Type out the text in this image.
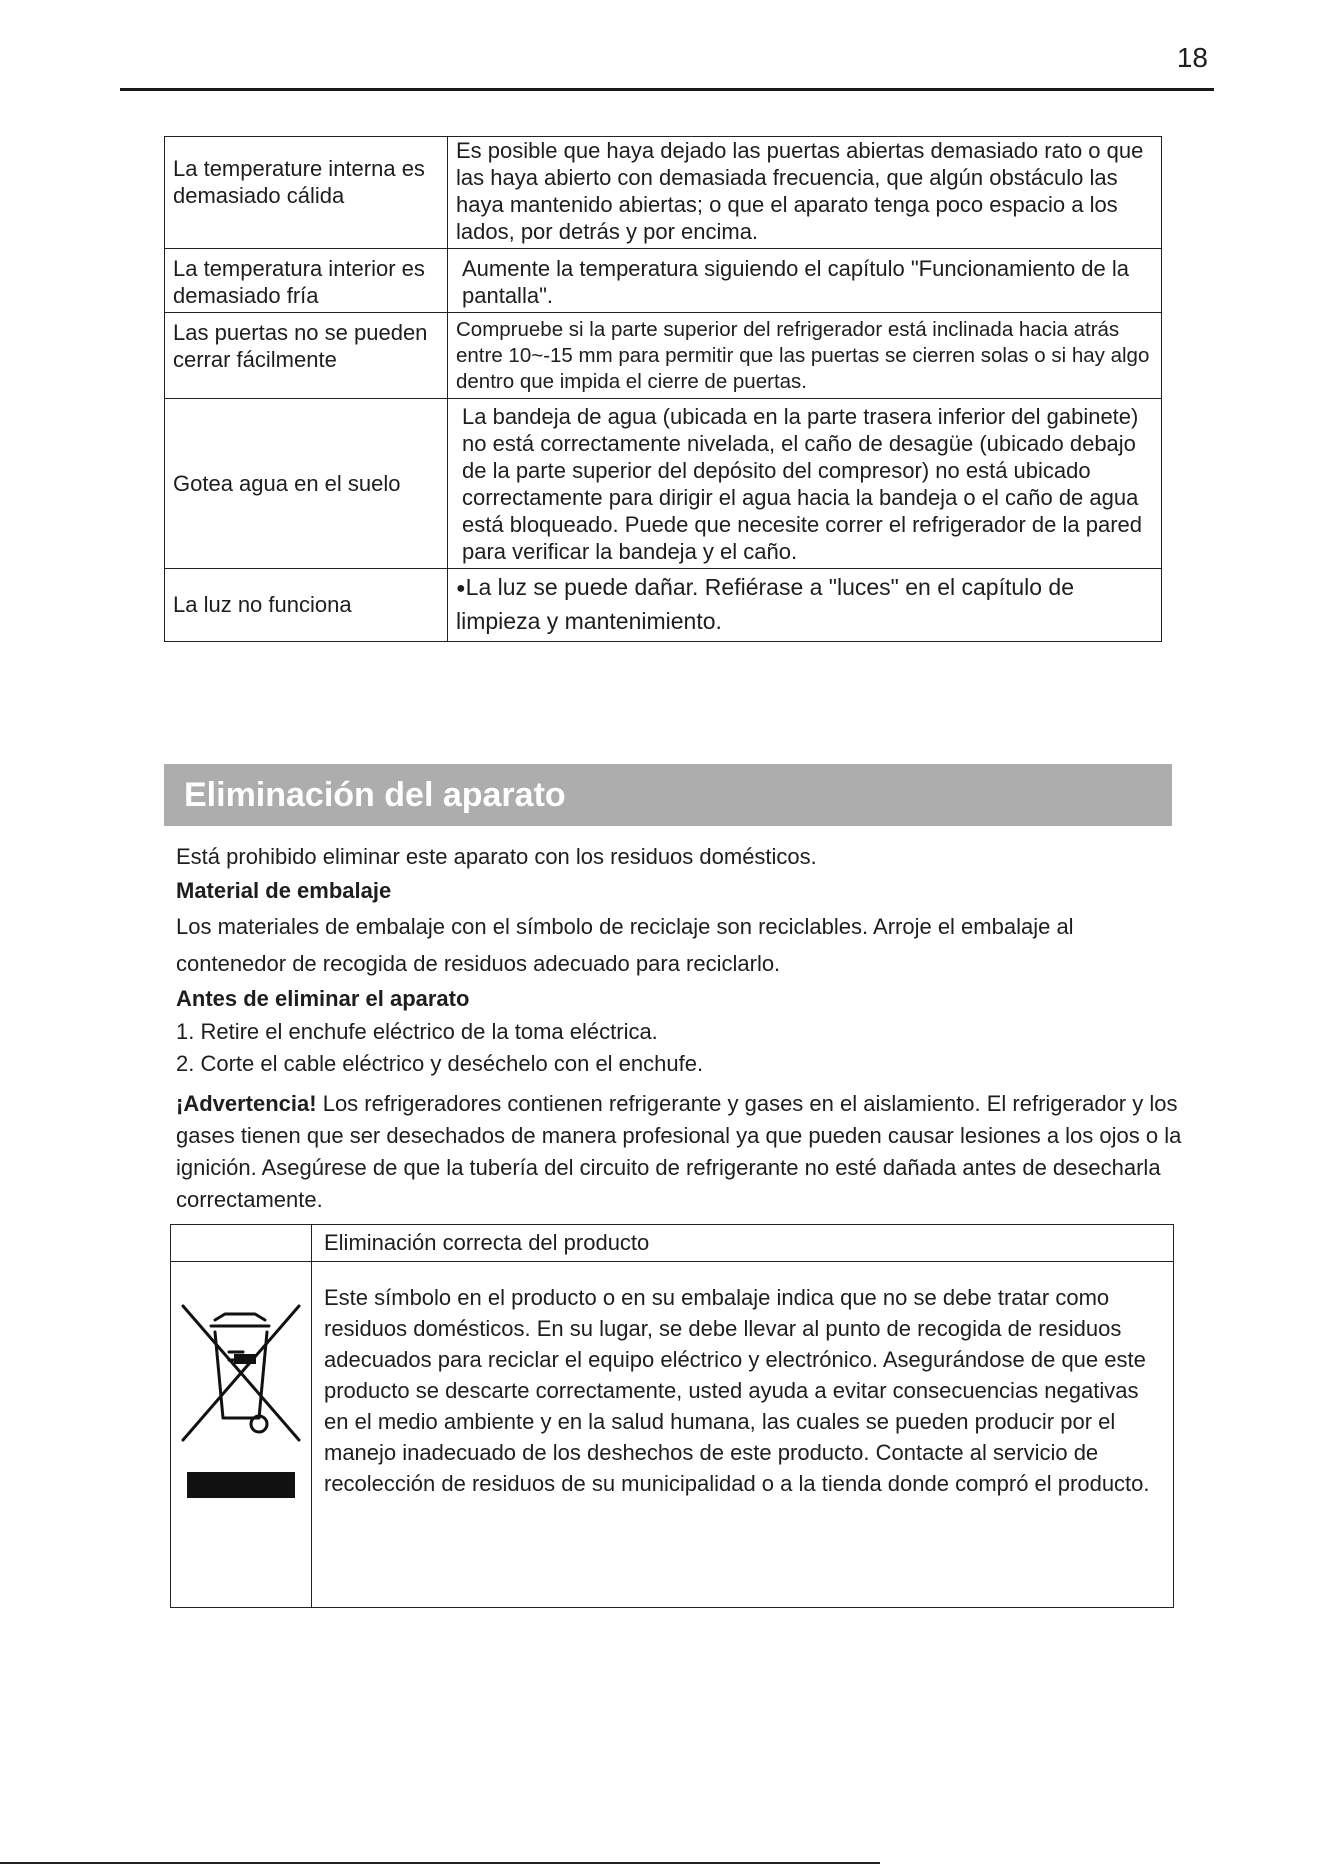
18
La temperature interna es demasiado cálida	Es posible que haya dejado las puertas abiertas demasiado rato o que las haya abierto con demasiada frecuencia, que algún obstáculo las haya mantenido abiertas; o que el aparato tenga poco espacio a los lados, por detrás y por encima.
La temperatura interior es demasiado fría	Aumente la temperatura siguiendo el capítulo "Funcionamiento de la pantalla".
Las puertas no se pueden cerrar fácilmente	Compruebe si la parte superior del refrigerador está inclinada hacia atrás entre 10~-15 mm para permitir que las puertas se cierren solas o si hay algo dentro que impida el cierre de puertas.
Gotea agua en el suelo	La bandeja de agua (ubicada en la parte trasera inferior del gabinete) no está correctamente nivelada, el caño de desagüe (ubicado debajo de la parte superior del depósito del compresor) no está ubicado correctamente para dirigir el agua hacia la bandeja o el caño de agua está bloqueado. Puede que necesite correr el refrigerador de la pared para verificar la bandeja y el caño.
La luz no funciona	●La luz se puede dañar. Refiérase a "luces" en el capítulo de limpieza y mantenimiento.
Eliminación del aparato

Está prohibido eliminar este aparato con los residuos domésticos.

Material de embalaje

Los materiales de embalaje con el símbolo de reciclaje son reciclables. Arroje el embalaje al contenedor de recogida de residuos adecuado para reciclarlo.

Antes de eliminar el aparato

1. Retire el enchufe eléctrico de la toma eléctrica.

2. Corte el cable eléctrico y deséchelo con el enchufe.

¡Advertencia! Los refrigeradores contienen refrigerante y gases en el aislamiento. El refrigerador y los gases tienen que ser desechados de manera profesional ya que pueden causar lesiones a los ojos o la ignición. Asegúrese de que la tubería del circuito de refrigerante no esté dañada antes de desecharla correctamente.

	Eliminación correcta del producto

	Este símbolo en el producto o en su embalaje indica que no se debe tratar como residuos domésticos. En su lugar, se debe llevar al punto de recogida de residuos adecuados para reciclar el equipo eléctrico y electrónico. Asegurándose de que este producto se descarte correctamente, usted ayuda a evitar consecuencias negativas en el medio ambiente y en la salud humana, las cuales se pueden producir por el manejo inadecuado de los deshechos de este producto. Contacte al servicio de recolección de residuos de su municipalidad o a la tienda donde compró el producto.
